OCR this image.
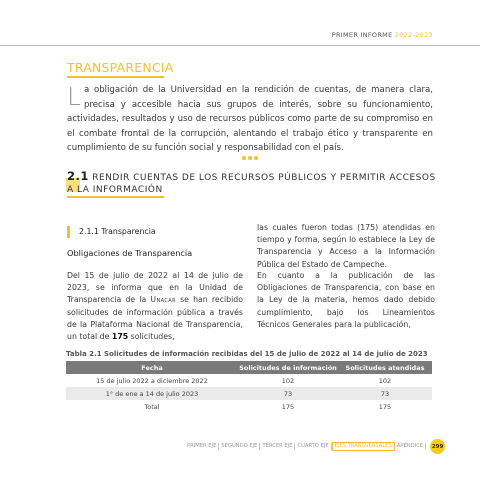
PRIMER INFORME 2022-2023
TRANSPARENCIA
La obligación de la Universidad en la rendición de cuentas, de manera clara, precisa y accesible hacia sus grupos de interés, sobre su funcionamiento, actividades, resultados y uso de recursos públicos como parte de su compromiso en el combate frontal de la corrupción, alentando el trabajo ético y transparente en cumplimiento de su función social y responsabilidad con el país.
2.1 RENDIR CUENTAS DE LOS RECURSOS PÚBLICOS Y PERMITIR ACCESOS A LA INFORMACIÓN
2.1.1 Transparencia
Obligaciones de Transparencia
Del 15 de julio de 2022 al 14 de julio de 2023, se informa que en la Unidad de Transparencia de la Unacar se han recibido solicitudes de información pública a través de la Plataforma Nacional de Transparencia, un total de 175 solicitudes,
las cuales fueron todas (175) atendidas en tiempo y forma, según lo establece la Ley de Transparencia y Acceso a la Información Pública del Estado de Campeche.
En cuanto a la publicación de las Obligaciones de Transparencia, con base en la Ley de la materia, hemos dado debido cumplimiento, bajo los Lineamientos Técnicos Generales para la publicación,
Tabla 2.1 Solicitudes de información recibidas del 15 de julio de 2022 al 14 de julio de 2023
Fecha	Solicitudes de información	Solicitudes atendidas
15 de julio 2022 a diciembre 2022	102	102
1° de ene a 14 de julio 2023	73	73
Total	175	175
PRIMER EJE SEGUNDO EJE TERCER EJE CUARTO EJE	EJES TRANSVERSALES APÉNDICE	299
